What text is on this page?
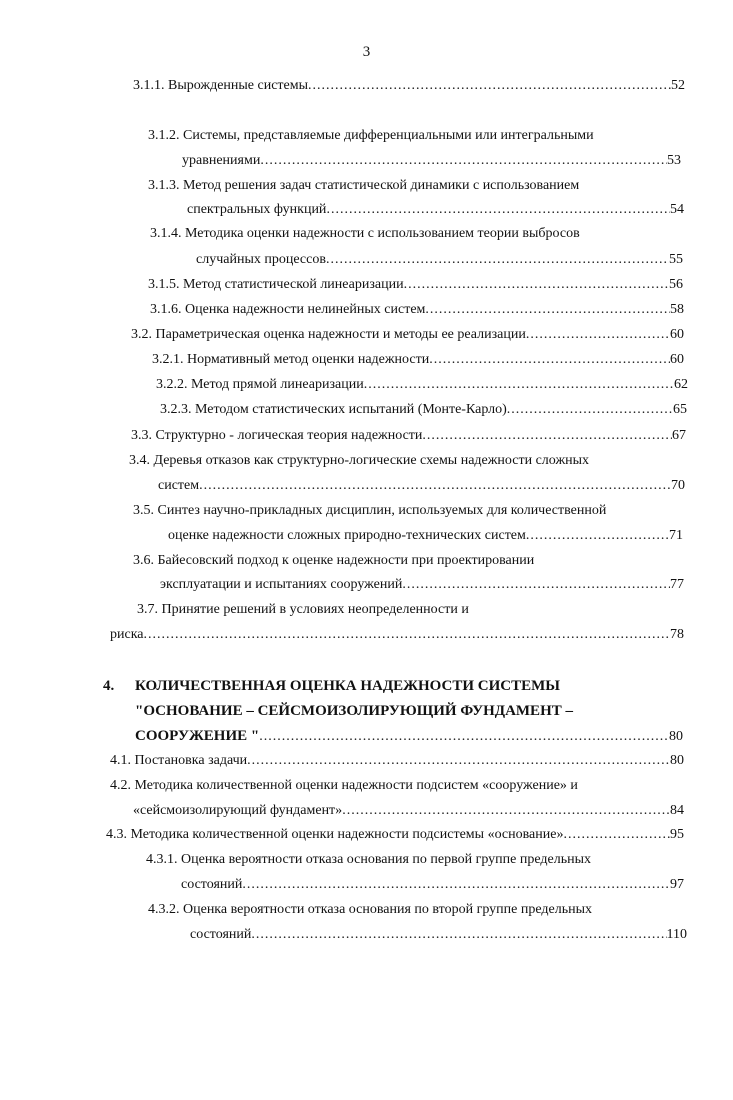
3
3.1.1. Вырожденные системы .....	52
3.1.2. Системы, представляемые дифференциальными или интегральными
уравнениями .....	53
3.1.3. Метод решения задач статистической динамики с использованием
спектральных функций .....	54
3.1.4. Методика оценки надежности с использованием теории выбросов
случайных процессов .....	55
3.1.5. Метод статистической линеаризации .....	56
3.1.6. Оценка надежности нелинейных систем .....	58
3.2. Параметрическая оценка надежности и методы ее реализации .....	60
3.2.1. Нормативный метод оценки надежности .....	60
3.2.2. Метод прямой линеаризации .....	62
3.2.3. Методом статистических испытаний (Монте-Карло) .....	65
3.3. Структурно - логическая теория надежности .....	67
3.4. Деревья отказов как структурно-логические схемы надежности сложных
систем .....	70
3.5. Синтез научно-прикладных дисциплин, используемых для количественной
оценке надежности сложных природно-технических систем .....	71
3.6. Байесовский подход к оценке надежности при проектировании
эксплуатации и испытаниях сооружений .....	77
3.7. Принятие решений в условиях неопределенности и
риска .....	78
4. КОЛИЧЕСТВЕННАЯ ОЦЕНКА НАДЕЖНОСТИ СИСТЕМЫ
"ОСНОВАНИЕ – СЕЙСМОИЗОЛИРУЮЩИЙ ФУНДАМЕНТ –
СООРУЖЕНИЕ " .....	80
4.1. Постановка задачи .....	80
4.2. Методика количественной оценки надежности подсистем «сооружение» и
«сейсмоизолирующий фундамент» .....	84
4.3. Методика количественной оценки надежности подсистемы «основание» .....	95
4.3.1. Оценка вероятности отказа основания по первой группе предельных
состояний .....	97
4.3.2. Оценка вероятности отказа основания по второй группе предельных
состояний .....	110
